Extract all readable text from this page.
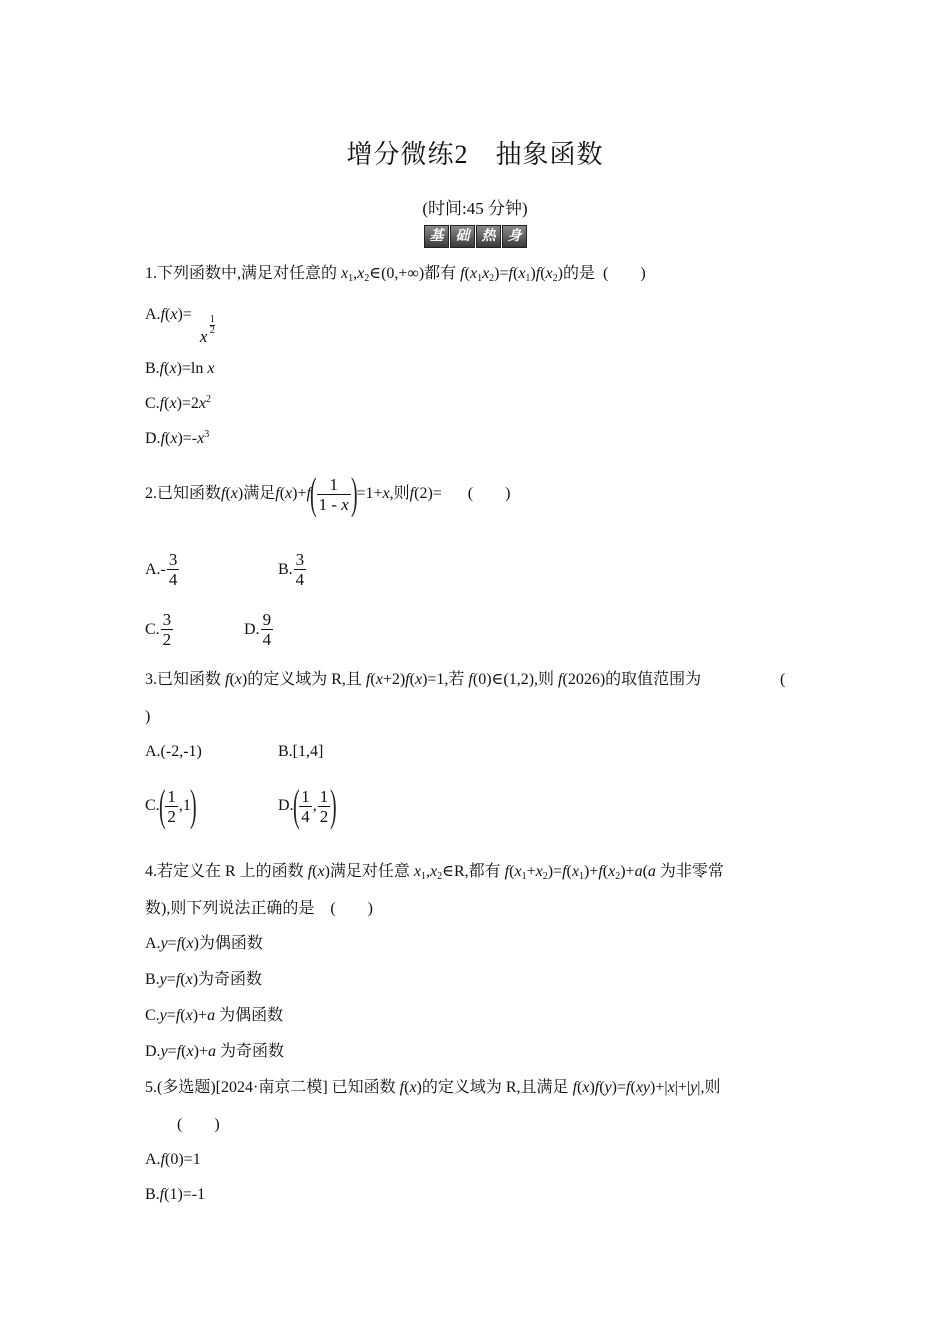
增分微练2　抽象函数
(时间:45 分钟)
基 础 热 身
1.下列函数中,满足对任意的 $x_1,x_2\in(0,+\infty)$都有 $f(x_1x_2)=f(x_1)f(x_2)$的是 (　　)
A.f(x)=
x
1
2
B.f(x)=ln x
$C.f(x)=2x^2$
$D.f(x)=-x^3$
2.已知函数 f ( x ) 满足 f ( x )+ f ( $\frac{1}{1 - x}$ ) =1+ x ,则 f (2)= (　　)
$A.- \frac{3}{4}$	B. $\frac{3}{4}$
C. $\frac{3}{2}$	D. $\frac{9}{4}$
3.已知函数 f(x)的定义域为 R,且 f(x+2)f(x)=1,若 f(0)∈(1,2),则 f(2026)的取值范围为	(
)
A.(-2,-1)	B.[1,4]
C. ( $\frac{1}{2} ,1$ )	D. ( $\frac{1}{4}$ , $\frac{1}{2}$ )
4.若定义在 R 上的函数 f(x)满足对任意 $x_1,x_2\in R$,都有 $f(x_1+x_2)=f(x_1)+f(x_2)+a(a$ 为非零常
数),则下列说法正确的是 (　　)
A.y=f(x)为偶函数
B.y=f(x)为奇函数
C.y=f(x)+a 为偶函数
D.y=f(x)+a 为奇函数
5.(多选题)[2024·南京二模] 已知函数 f(x)的定义域为 R,且满足 f(x)f(y)=f(xy)+|x|+|y|,则
(　　)
A.f(0)=1
B.f(1)=-1
